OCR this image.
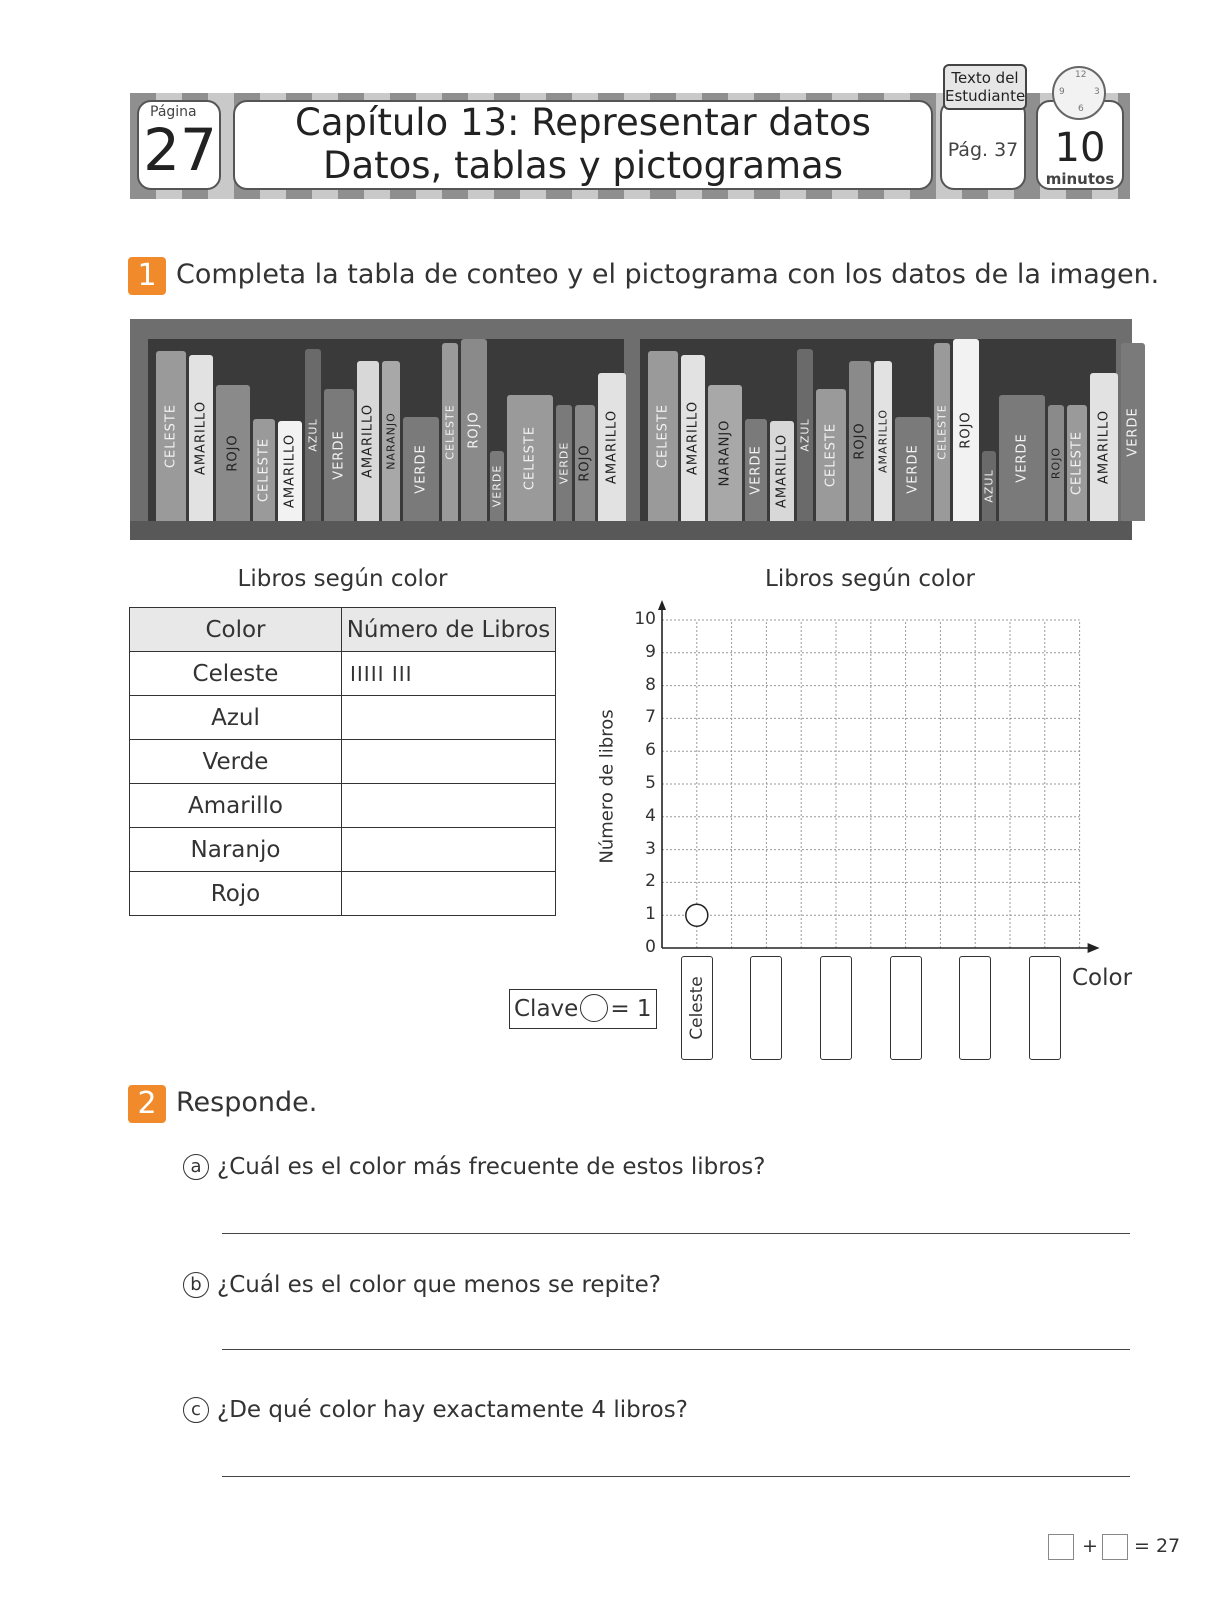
Página
27	Capítulo 13: Representar datos
Datos, tablas y pictogramas
Texto del Estudiante
Pág. 37
12
3
6
9
10
minutos
1 Completa la tabla de conteo y el pictograma con los datos de la imagen.
CELESTE AMARILLO ROJO CELESTE AMARILLO AZUL VERDE AMARILLO NARANJO VERDE
CELESTE ROJO
VERDE CELESTE VERDE ROJO AMARILLO	CELESTE AMARILLO NARANJO VERDE AMARILLO AZUL CELESTE ROJO AMARILLO VERDE
CELESTE ROJO
AZUL
VERDE ROJO CELESTE AMARILLO VERDE
Libros según color
Color	Número de Libros
Celeste	IIIII III
Azul	
Verde	
Amarillo	
Naranjo	
Rojo	
Libros según color
Número de libros
0
1
2
3
4
5
6
7
8
9
10
Celeste	Color
Clave = 1
2 Responde.
a ¿Cuál es el color más frecuente de estos libros?
b ¿Cuál es el color que menos se repite?
c ¿De qué color hay exactamente 4 libros?
+ = 27
